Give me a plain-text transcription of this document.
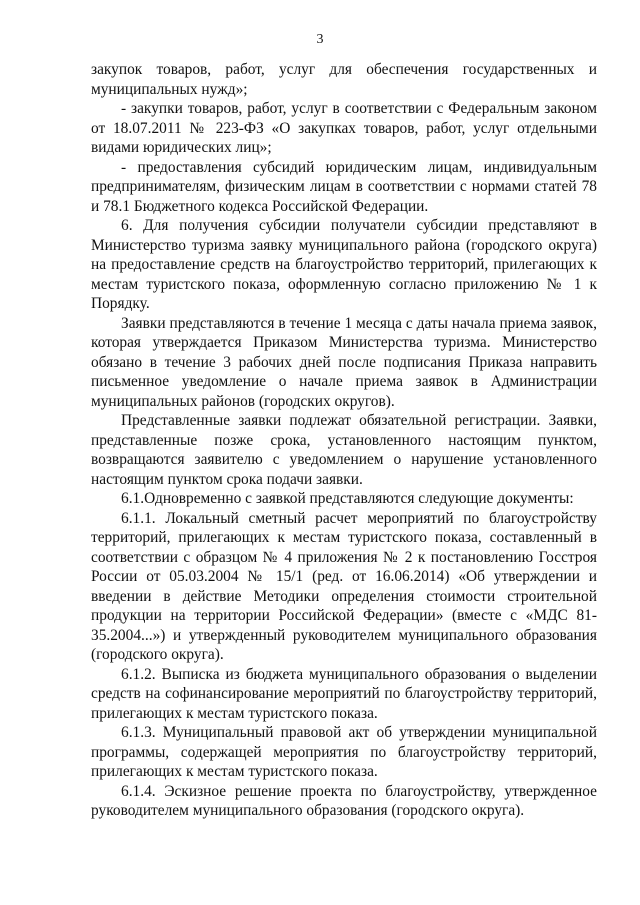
3

закупок товаров, работ, услуг для обеспечения государственных и муниципальных нужд»;

- закупки товаров, работ, услуг в соответствии с Федеральным законом от 18.07.2011 № 223-ФЗ «О закупках товаров, работ, услуг отдельными видами юридических лиц»;

- предоставления субсидий юридическим лицам, индивидуальным предпринимателям, физическим лицам в соответствии с нормами статей 78 и 78.1 Бюджетного кодекса Российской Федерации.

6. Для получения субсидии получатели субсидии представляют в Министерство туризма заявку муниципального района (городского округа) на предоставление средств на благоустройство территорий, прилегающих к местам туристского показа, оформленную согласно приложению № 1 к Порядку.

Заявки представляются в течение 1 месяца с даты начала приема заявок, которая утверждается Приказом Министерства туризма. Министерство обязано в течение 3 рабочих дней после подписания Приказа направить письменное уведомление о начале приема заявок в Администрации муниципальных районов (городских округов).

Представленные заявки подлежат обязательной регистрации. Заявки, представленные позже срока, установленного настоящим пунктом, возвращаются заявителю с уведомлением о нарушение установленного настоящим пунктом срока подачи заявки.

6.1.Одновременно с заявкой представляются следующие документы:

6.1.1. Локальный сметный расчет мероприятий по благоустройству территорий, прилегающих к местам туристского показа, составленный в соответствии с образцом № 4 приложения № 2 к постановлению Госстроя России от 05.03.2004 № 15/1 (ред. от 16.06.2014) «Об утверждении и введении в действие Методики определения стоимости строительной продукции на территории Российской Федерации» (вместе с «МДС 81-35.2004...») и утвержденный руководителем муниципального образования (городского округа).

6.1.2. Выписка из бюджета муниципального образования о выделении средств на софинансирование мероприятий по благоустройству территорий, прилегающих к местам туристского показа.

6.1.3. Муниципальный правовой акт об утверждении муниципальной программы, содержащей мероприятия по благоустройству территорий, прилегающих к местам туристского показа.

6.1.4. Эскизное решение проекта по благоустройству, утвержденное руководителем муниципального образования (городского округа).
